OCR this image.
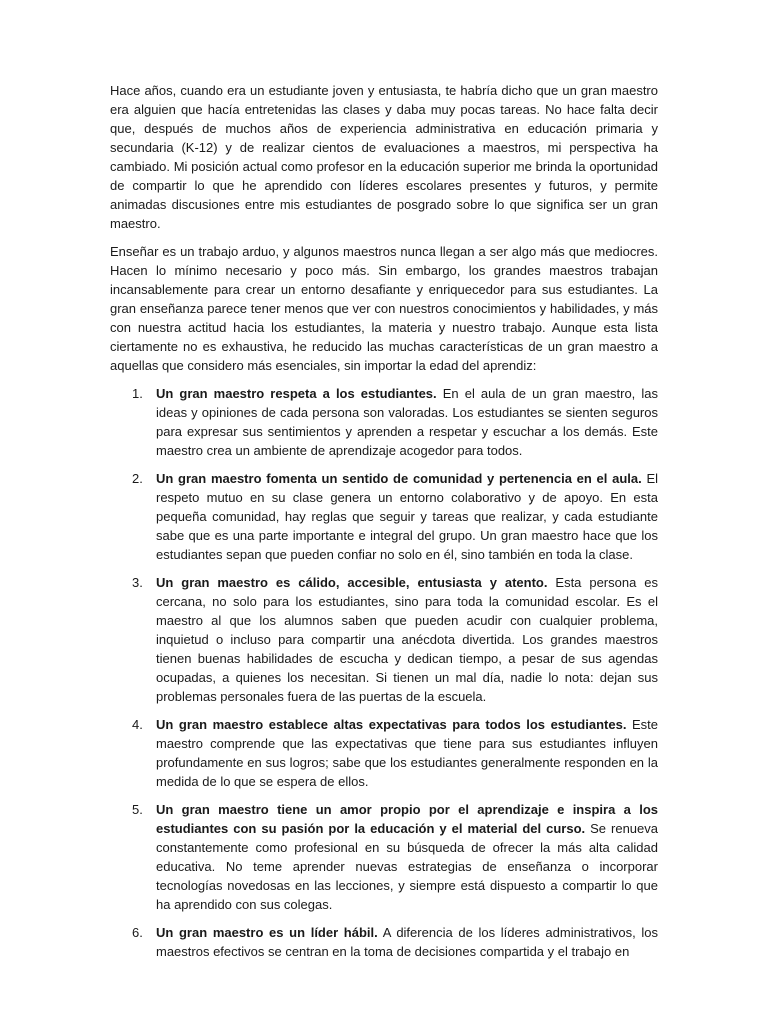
Hace años, cuando era un estudiante joven y entusiasta, te habría dicho que un gran maestro era alguien que hacía entretenidas las clases y daba muy pocas tareas. No hace falta decir que, después de muchos años de experiencia administrativa en educación primaria y secundaria (K-12) y de realizar cientos de evaluaciones a maestros, mi perspectiva ha cambiado. Mi posición actual como profesor en la educación superior me brinda la oportunidad de compartir lo que he aprendido con líderes escolares presentes y futuros, y permite animadas discusiones entre mis estudiantes de posgrado sobre lo que significa ser un gran maestro.

Enseñar es un trabajo arduo, y algunos maestros nunca llegan a ser algo más que mediocres. Hacen lo mínimo necesario y poco más. Sin embargo, los grandes maestros trabajan incansablemente para crear un entorno desafiante y enriquecedor para sus estudiantes. La gran enseñanza parece tener menos que ver con nuestros conocimientos y habilidades, y más con nuestra actitud hacia los estudiantes, la materia y nuestro trabajo. Aunque esta lista ciertamente no es exhaustiva, he reducido las muchas características de un gran maestro a aquellas que considero más esenciales, sin importar la edad del aprendiz:

1. Un gran maestro respeta a los estudiantes. En el aula de un gran maestro, las ideas y opiniones de cada persona son valoradas. Los estudiantes se sienten seguros para expresar sus sentimientos y aprenden a respetar y escuchar a los demás. Este maestro crea un ambiente de aprendizaje acogedor para todos.
2. Un gran maestro fomenta un sentido de comunidad y pertenencia en el aula. El respeto mutuo en su clase genera un entorno colaborativo y de apoyo. En esta pequeña comunidad, hay reglas que seguir y tareas que realizar, y cada estudiante sabe que es una parte importante e integral del grupo. Un gran maestro hace que los estudiantes sepan que pueden confiar no solo en él, sino también en toda la clase.
3. Un gran maestro es cálido, accesible, entusiasta y atento. Esta persona es cercana, no solo para los estudiantes, sino para toda la comunidad escolar. Es el maestro al que los alumnos saben que pueden acudir con cualquier problema, inquietud o incluso para compartir una anécdota divertida. Los grandes maestros tienen buenas habilidades de escucha y dedican tiempo, a pesar de sus agendas ocupadas, a quienes los necesitan. Si tienen un mal día, nadie lo nota: dejan sus problemas personales fuera de las puertas de la escuela.
4. Un gran maestro establece altas expectativas para todos los estudiantes. Este maestro comprende que las expectativas que tiene para sus estudiantes influyen profundamente en sus logros; sabe que los estudiantes generalmente responden en la medida de lo que se espera de ellos.
5. Un gran maestro tiene un amor propio por el aprendizaje e inspira a los estudiantes con su pasión por la educación y el material del curso. Se renueva constantemente como profesional en su búsqueda de ofrecer la más alta calidad educativa. No teme aprender nuevas estrategias de enseñanza o incorporar tecnologías novedosas en las lecciones, y siempre está dispuesto a compartir lo que ha aprendido con sus colegas.
6. Un gran maestro es un líder hábil. A diferencia de los líderes administrativos, los maestros efectivos se centran en la toma de decisiones compartida y el trabajo en
